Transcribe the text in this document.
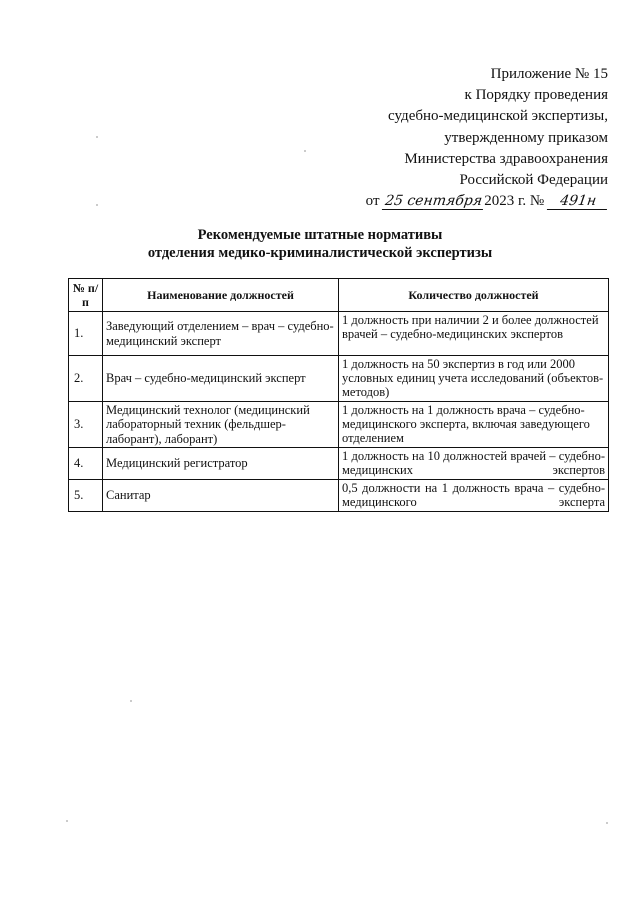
Приложение № 15
к Порядку проведения
судебно-медицинской экспертизы,
утвержденному приказом
Министерства здравоохранения
Российской Федерации
от 25 сентября2023 г. № 491н
Рекомендуемые штатные нормативы
отделения медико-криминалистической экспертизы
№ п/п	Наименование должностей	Количество должностей
1.	Заведующий отделением – врач – судебно-медицинский эксперт	1 должность при наличии 2 и более должностей врачей – судебно-медицинских экспертов
2.	Врач – судебно-медицинский эксперт	1 должность на 50 экспертиз в год или 2000 условных единиц учета исследований (объектов-методов)
3.	Медицинский технолог (медицинский лабораторный техник (фельдшер-лаборант), лаборант)	1 должность на 1 должность врача – судебно-медицинского эксперта, включая заведующего отделением
4.	Медицинский регистратор	1 должность на 10 должностей врачей – судебно-медицинских экспертов
5.	Санитар	0,5 должности на 1 должность врача – судебно-медицинского эксперта
